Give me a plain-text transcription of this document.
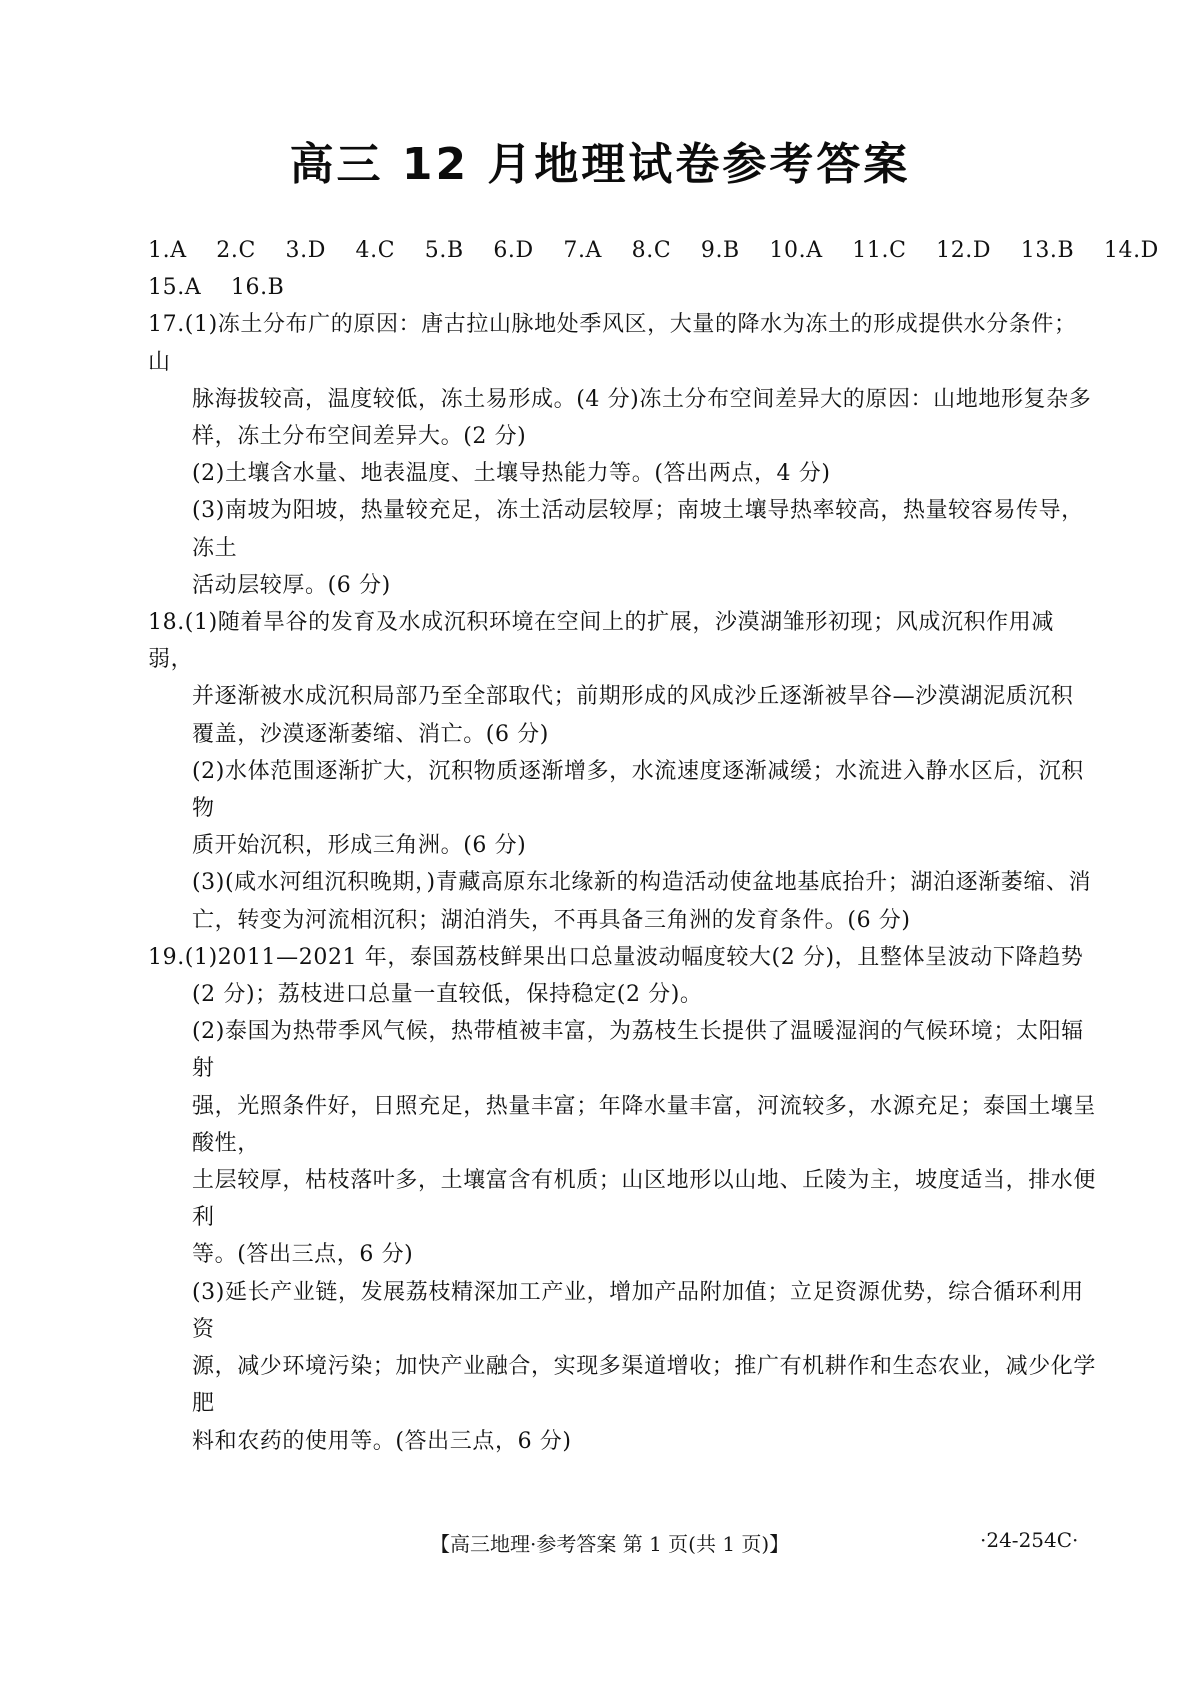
高三 12 月地理试卷参考答案
1.A 2.C 3.D 4.C 5.B 6.D 7.A 8.C 9.B 10.A 11.C 12.D 13.B 14.D
15.A 16.B
17.(1)冻土分布广的原因：唐古拉山脉地处季风区，大量的降水为冻土的形成提供水分条件；山
脉海拔较高，温度较低，冻土易形成。(4 分)冻土分布空间差异大的原因：山地地形复杂多
样，冻土分布空间差异大。(2 分)
(2)土壤含水量、地表温度、土壤导热能力等。(答出两点，4 分)
(3)南坡为阳坡，热量较充足，冻土活动层较厚；南坡土壤导热率较高，热量较容易传导，冻土
活动层较厚。(6 分)
18.(1)随着旱谷的发育及水成沉积环境在空间上的扩展，沙漠湖雏形初现；风成沉积作用减弱，
并逐渐被水成沉积局部乃至全部取代；前期形成的风成沙丘逐渐被旱谷—沙漠湖泥质沉积
覆盖，沙漠逐渐萎缩、消亡。(6 分)
(2)水体范围逐渐扩大，沉积物质逐渐增多，水流速度逐渐减缓；水流进入静水区后，沉积物
质开始沉积，形成三角洲。(6 分)
(3)(咸水河组沉积晚期，)青藏高原东北缘新的构造活动使盆地基底抬升；湖泊逐渐萎缩、消
亡，转变为河流相沉积；湖泊消失，不再具备三角洲的发育条件。(6 分)
19.(1)2011—2021 年，泰国荔枝鲜果出口总量波动幅度较大(2 分)，且整体呈波动下降趋势
(2 分)；荔枝进口总量一直较低，保持稳定(2 分)。
(2)泰国为热带季风气候，热带植被丰富，为荔枝生长提供了温暖湿润的气候环境；太阳辐射
强，光照条件好，日照充足，热量丰富；年降水量丰富，河流较多，水源充足；泰国土壤呈酸性，
土层较厚，枯枝落叶多，土壤富含有机质；山区地形以山地、丘陵为主，坡度适当，排水便利
等。(答出三点，6 分)
(3)延长产业链，发展荔枝精深加工产业，增加产品附加值；立足资源优势，综合循环利用资
源，减少环境污染；加快产业融合，实现多渠道增收；推广有机耕作和生态农业，减少化学肥
料和农药的使用等。(答出三点，6 分)
【高三地理·参考答案 第 1 页(共 1 页)】	·24-254C·
